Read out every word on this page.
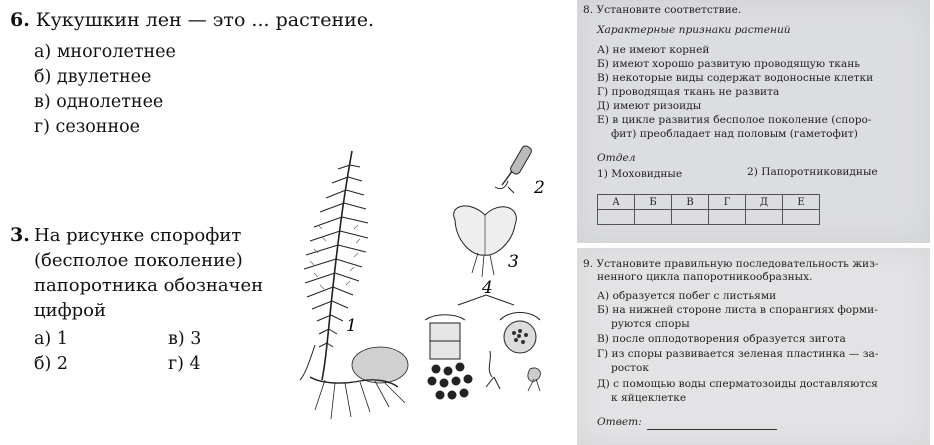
6. Кукушкин лен — это ... растение.
а) многолетнее
б) двулетнее
в) однолетнее
г) сезонное
3. На рисунке спорофит
(бесполое поколение)
папоротника обозначен
цифрой
а) 1	в) 3
б) 2	г) 4
1
2
3
4
8. Установите соответствие.
Характерные признаки растений
А) не имеют корней
Б) имеют хорошо развитую проводящую ткань
В) некоторые виды содержат водоносные клетки
Г) проводящая ткань не развита
Д) имеют ризоиды
Е) в цикле развития бесполое поколение (споро-
фит) преобладает над половым (гаметофит)
Отдел
1) Моховидные	2) Папоротниковидные
А	Б	В	Г	Д	Е

9. Установите правильную последовательность жиз-
ненного цикла папоротникообразных.
А) образуется побег с листьями
Б) на нижней стороне листа в спорангиях форми-
руются споры
В) после оплодотворения образуется зигота
Г) из споры развивается зеленая пластинка — за-
росток
Д) с помощью воды сперматозоиды доставляются
к яйцеклетке
Ответ:
